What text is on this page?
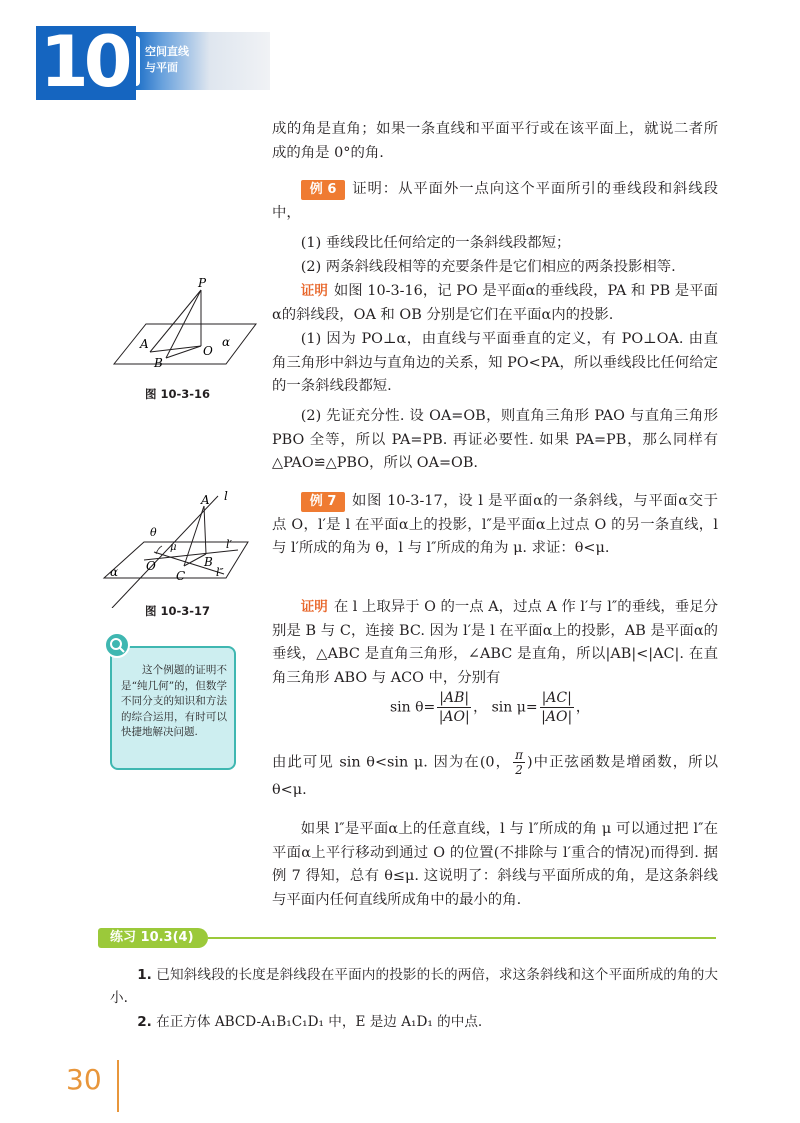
10 空间直线
与平面
成的角是直角；如果一条直线和平面平行或在该平面上，就说二者所成的角是 0°的角.
例 6 证明：从平面外一点向这个平面所引的垂线段和斜线段中，
(1) 垂线段比任何给定的一条斜线段都短；
(2) 两条斜线段相等的充要条件是它们相应的两条投影相等.
证明 如图 10-3-16，记 PO 是平面α的垂线段，PA 和 PB 是平面α的斜线段，OA 和 OB 分别是它们在平面α内的投影.
(1) 因为 PO⊥α，由直线与平面垂直的定义，有 PO⊥OA. 由直角三角形中斜边与直角边的关系，知 PO<PA，所以垂线段比任何给定的一条斜线段都短.
(2) 先证充分性. 设 OA=OB，则直角三角形 PAO 与直角三角形 PBO 全等，所以 PA=PB. 再证必要性. 如果 PA=PB，那么同样有△PAO≌△PBO，所以 OA=OB.
P
A
B
O
α
图 10-3-16
例 7 如图 10-3-17，设 l 是平面α的一条斜线，与平面α交于点 O，l′是 l 在平面α上的投影，l″是平面α上过点 O 的另一条直线，l 与 l′所成的角为 θ，l 与 l″所成的角为 μ. 求证：θ<μ.
证明 在 l 上取异于 O 的一点 A，过点 A 作 l′与 l″的垂线，垂足分别是 B 与 C，连接 BC. 因为 l′是 l 在平面α上的投影，AB 是平面α的垂线，△ABC 是直角三角形，∠ABC 是直角，所以|AB|<|AC|. 在直角三角形 ABO 与 ACO 中，分别有
$\sin \theta= \frac{|AB|}{|AO|}$ ， $\sin \mu= \frac{|AC|}{|AO|}$ ，
由此可见 sin θ<sin μ. 因为在(0， $\frac{\pi}{2}$ )中正弦函数是增函数，所以 θ<μ.
如果 l″是平面α上的任意直线，l 与 l″所成的角 μ 可以通过把 l″在平面α上平行移动到通过 O 的位置(不排除与 l′重合的情况)而得到. 据例 7 得知，总有 θ≤μ. 这说明了：斜线与平面所成的角，是这条斜线与平面内任何直线所成角中的最小的角.
A l
θ
μ	l′
O	B
C	l″
α
图 10-3-17
这个例题的证明不是“纯几何”的，但数学不同分支的知识和方法的综合运用，有时可以快捷地解决问题.
练习 10.3(4)
1. 已知斜线段的长度是斜线段在平面内的投影的长的两倍，求这条斜线和这个平面所成的角的大小.
2. 在正方体 ABCD-A₁B₁C₁D₁ 中，E 是边 A₁D₁ 的中点.
30
